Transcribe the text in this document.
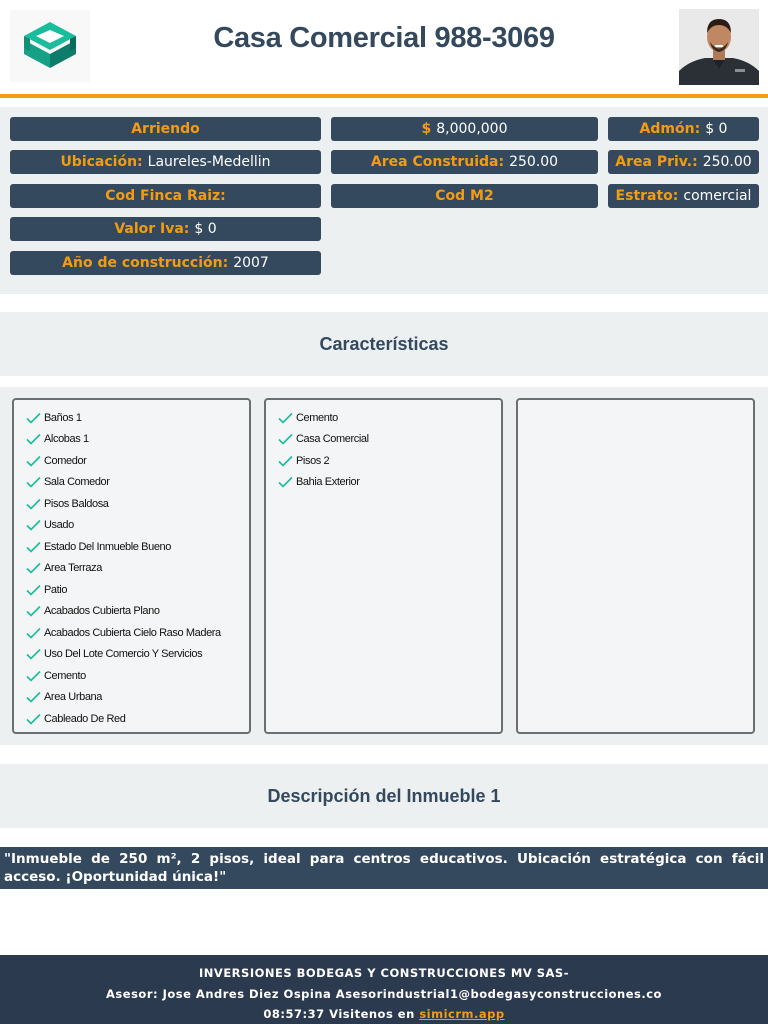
Casa Comercial 988-3069
Arriendo	$ 8,000,000	Admón: $ 0
Ubicación: Laureles-Medellin	Area Construida: 250.00	Area Priv.: 250.00
Cod Finca Raiz:	Cod M2	Estrato: comercial
Valor Iva: $ 0
Año de construcción: 2007
Características
Baños 1
Alcobas 1
Comedor
Sala Comedor
Pisos Baldosa
Usado
Estado Del Inmueble Bueno
Area Terraza
Patio
Acabados Cubierta Plano
Acabados Cubierta Cielo Raso Madera
Uso Del Lote Comercio Y Servicios
Cemento
Area Urbana
Cableado De Red
Cemento
Casa Comercial
Pisos 2
Bahia Exterior
Descripción del Inmueble 1
"Inmueble de 250 m², 2 pisos, ideal para centros educativos. Ubicación estratégica con fácil acceso. ¡Oportunidad única!"
INVERSIONES BODEGAS Y CONSTRUCCIONES MV SAS-
Asesor: Jose Andres Diez Ospina Asesorindustrial1@bodegasyconstrucciones.co
08:57:37 Visitenos en simicrm.app
